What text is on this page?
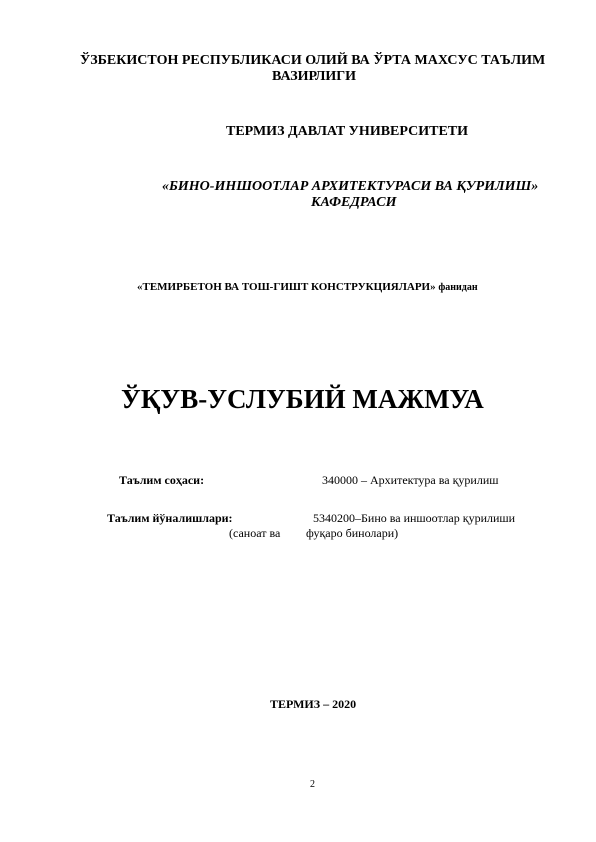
ЎЗБЕКИСТОН РЕСПУБЛИКАСИ ОЛИЙ ВА ЎРТА МАХСУС ТАЪЛИМ
ВАЗИРЛИГИ
ТЕРМИЗ ДАВЛАТ УНИВЕРСИТЕТИ
«БИНО-ИНШООТЛАР АРХИТЕКТУРАСИ ВА ҚУРИЛИШ»
КАФЕДРАСИ
«ТЕМИРБЕТОН ВА ТОШ-ГИШТ КОНСТРУКЦИЯЛАРИ» фанидан
ЎҚУВ-УСЛУБИЙ МАЖМУА
Таълим соҳаси:	340000 – Архитектура ва қурилиш
Таълим йўналишлари:	5340200–Бино ва иншоотлар қурилиши
(саноат ва фуқаро бинолари)
ТЕРМИЗ – 2020
2
